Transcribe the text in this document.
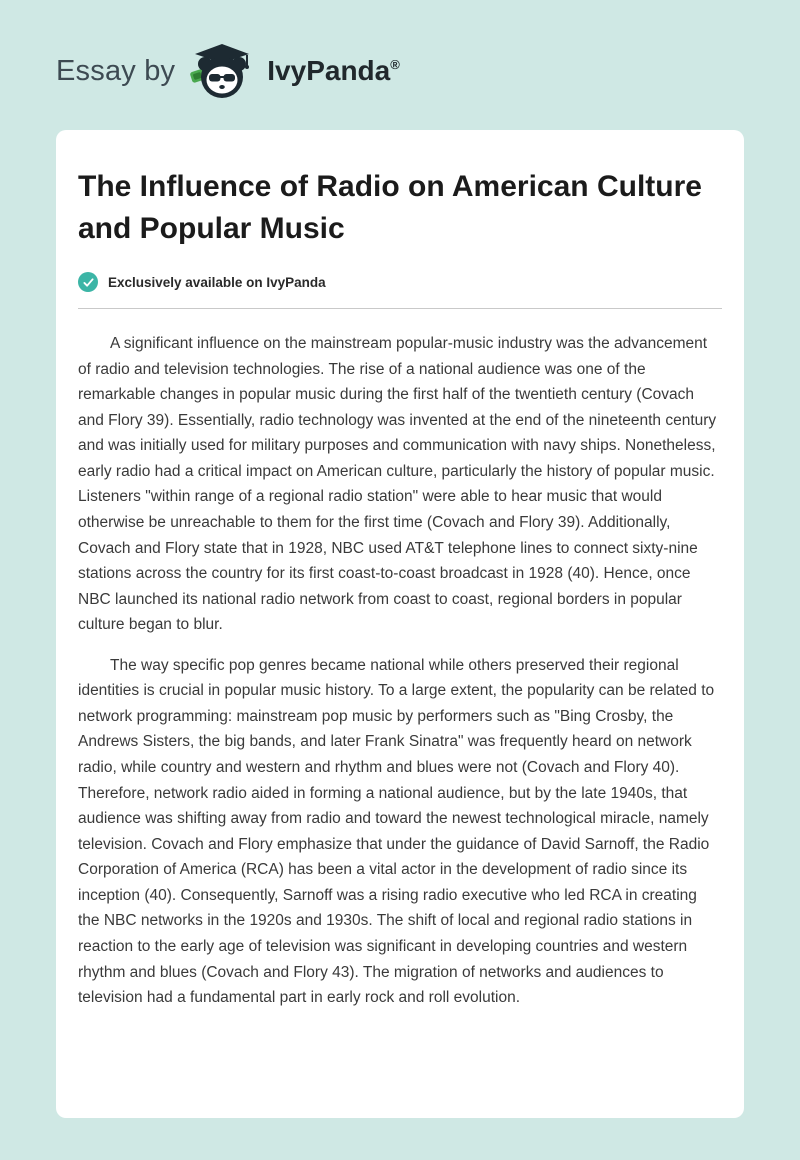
Essay by	IvyPanda ®
The Influence of Radio on American Culture and Popular Music
Exclusively available on IvyPanda

A significant influence on the mainstream popular-music industry was the advancement of radio and television technologies. The rise of a national audience was one of the remarkable changes in popular music during the first half of the twentieth century (Covach and Flory 39). Essentially, radio technology was invented at the end of the nineteenth century and was initially used for military purposes and communication with navy ships. Nonetheless, early radio had a critical impact on American culture, particularly the history of popular music. Listeners "within range of a regional radio station" were able to hear music that would otherwise be unreachable to them for the first time (Covach and Flory 39). Additionally, Covach and Flory state that in 1928, NBC used AT&T telephone lines to connect sixty-nine stations across the country for its first coast-to-coast broadcast in 1928 (40). Hence, once NBC launched its national radio network from coast to coast, regional borders in popular culture began to blur.

The way specific pop genres became national while others preserved their regional identities is crucial in popular music history. To a large extent, the popularity can be related to network programming: mainstream pop music by performers such as "Bing Crosby, the Andrews Sisters, the big bands, and later Frank Sinatra" was frequently heard on network radio, while country and western and rhythm and blues were not (Covach and Flory 40). Therefore, network radio aided in forming a national audience, but by the late 1940s, that audience was shifting away from radio and toward the newest technological miracle, namely television. Covach and Flory emphasize that under the guidance of David Sarnoff, the Radio Corporation of America (RCA) has been a vital actor in the development of radio since its inception (40). Consequently, Sarnoff was a rising radio executive who led RCA in creating the NBC networks in the 1920s and 1930s. The shift of local and regional radio stations in reaction to the early age of television was significant in developing countries and western rhythm and blues (Covach and Flory 43). The migration of networks and audiences to television had a fundamental part in early rock and roll evolution.
